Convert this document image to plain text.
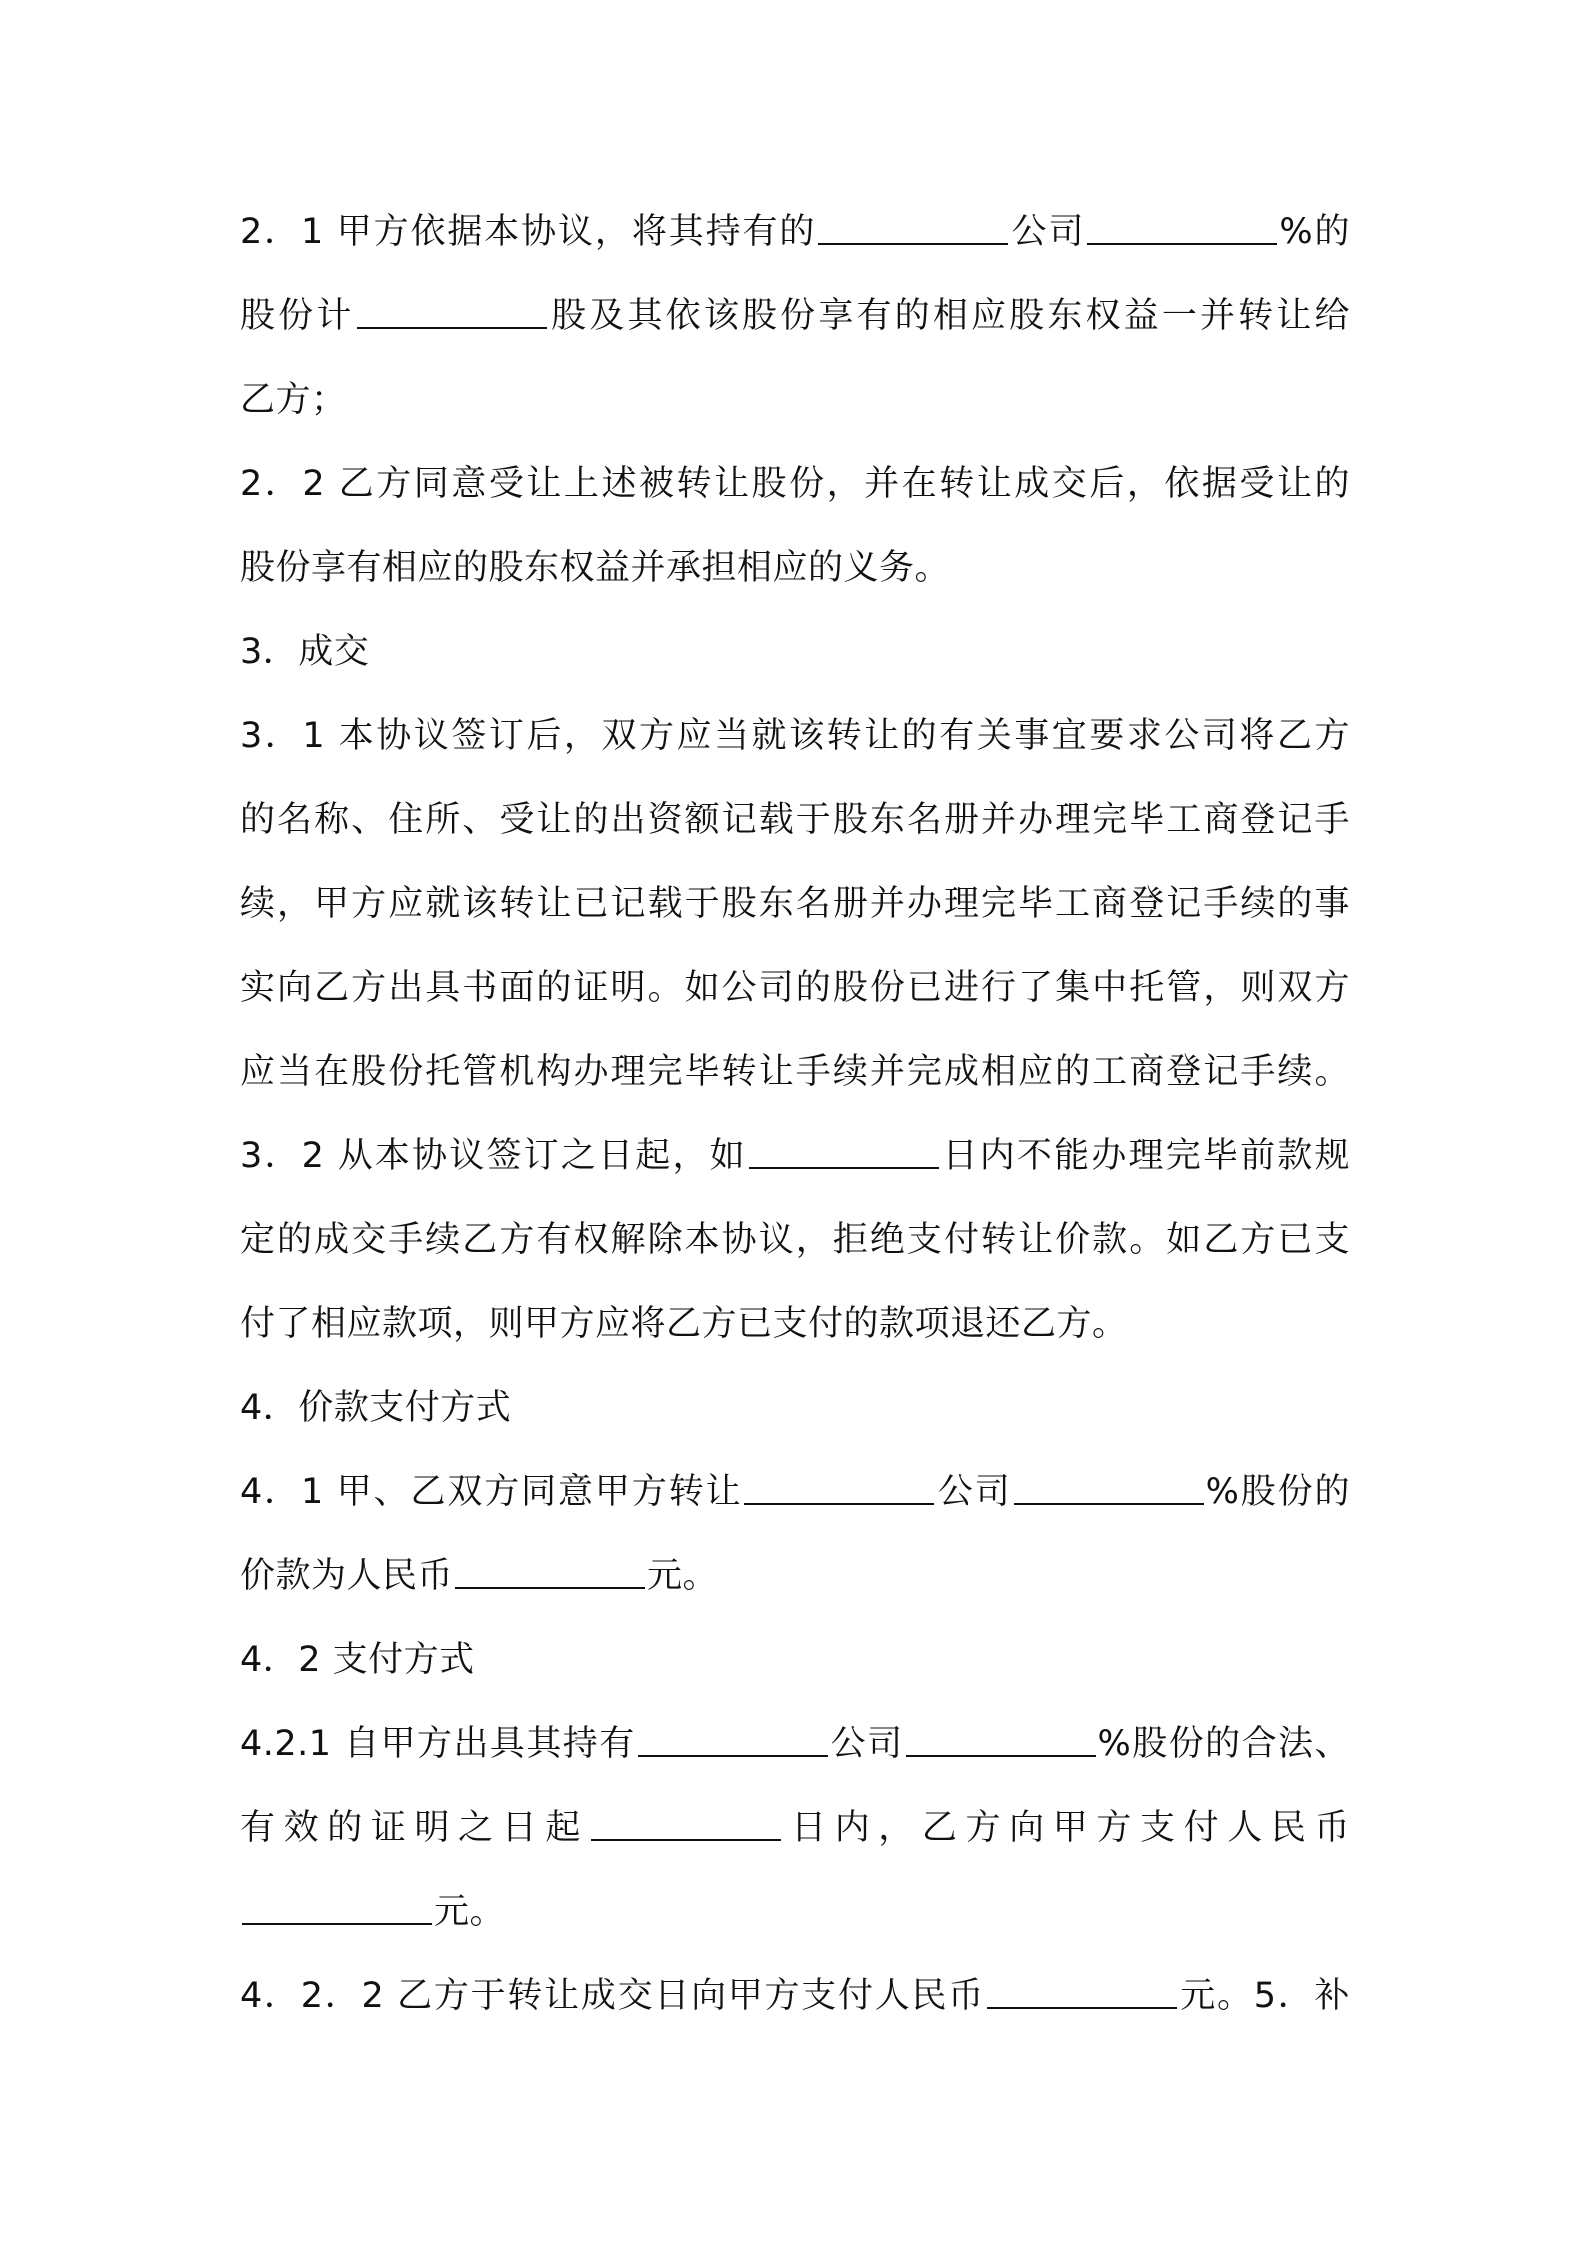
2．1 甲方依据本协议，将其持有的	公司	%的
股份计	股及其依该股份享有的相应股东权益一并转让给
乙方；
2．2 乙方同意受让上述被转让股份，并在转让成交后，依据受让的
股份享有相应的股东权益并承担相应的义务。
3．成交
3．1 本协议签订后，双方应当就该转让的有关事宜要求公司将乙方
的名称、住所、受让的出资额记载于股东名册并办理完毕工商登记手
续，甲方应就该转让已记载于股东名册并办理完毕工商登记手续的事
实向乙方出具书面的证明。如公司的股份已进行了集中托管，则双方
应当在股份托管机构办理完毕转让手续并完成相应的工商登记手续。
3．2 从本协议签订之日起，如	日内不能办理完毕前款规
定的成交手续乙方有权解除本协议，拒绝支付转让价款。如乙方已支
付了相应款项，则甲方应将乙方已支付的款项退还乙方。
4．价款支付方式
4．1 甲、乙双方同意甲方转让	公司	%股份的
价款为人民币	元。
4．2 支付方式
4.2.1 自甲方出具其持有	公司	%股份的合法、
有效的证明之日起	日内，乙方向甲方支付人民币
元。
4．2．2 乙方于转让成交日向甲方支付人民币	元。5．补
